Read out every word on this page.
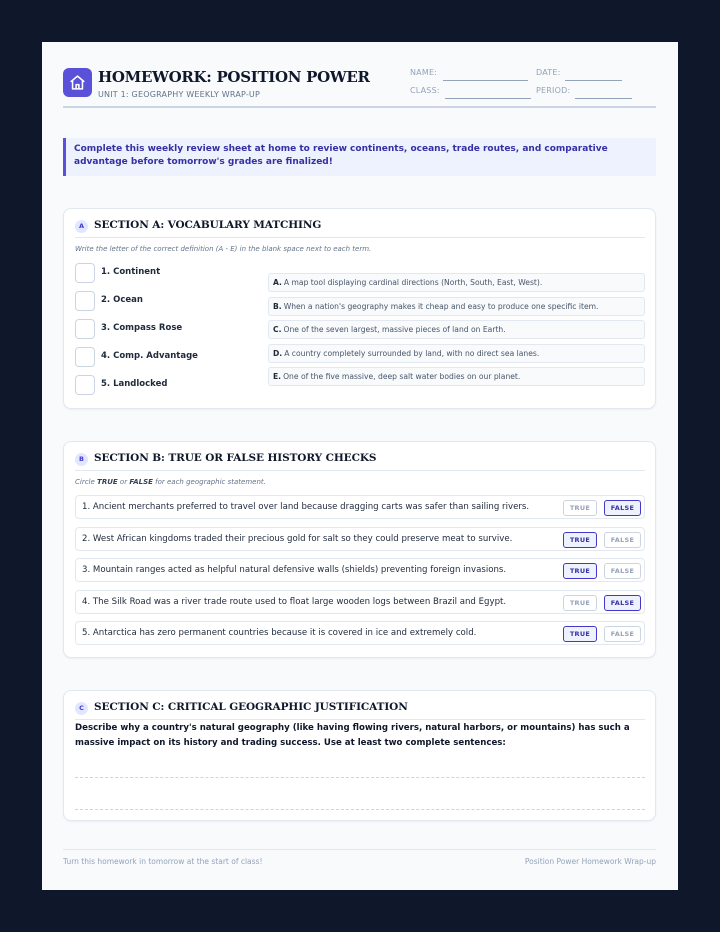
HOMEWORK: POSITION POWER
UNIT 1: GEOGRAPHY WEEKLY WRAP-UP
NAME:	DATE:
CLASS:	PERIOD:
Complete this weekly review sheet at home to review continents, oceans, trade routes, and comparative advantage before tomorrow's grades are finalized!
A SECTION A: VOCABULARY MATCHING
Write the letter of the correct definition (A - E) in the blank space next to each term.
1. Continent
2. Ocean
3. Compass Rose
4. Comp. Advantage
5. Landlocked
A. A map tool displaying cardinal directions (North, South, East, West).
B. When a nation's geography makes it cheap and easy to produce one specific item.
C. One of the seven largest, massive pieces of land on Earth.
D. A country completely surrounded by land, with no direct sea lanes.
E. One of the five massive, deep salt water bodies on our planet.
B SECTION B: TRUE OR FALSE HISTORY CHECKS
Circle TRUE or FALSE for each geographic statement.
1. Ancient merchants preferred to travel over land because dragging carts was safer than sailing rivers.	TRUE	FALSE
2. West African kingdoms traded their precious gold for salt so they could preserve meat to survive.	TRUE	FALSE
3. Mountain ranges acted as helpful natural defensive walls (shields) preventing foreign invasions.	TRUE	FALSE
4. The Silk Road was a river trade route used to float large wooden logs between Brazil and Egypt.	TRUE	FALSE
5. Antarctica has zero permanent countries because it is covered in ice and extremely cold.	TRUE	FALSE
C SECTION C: CRITICAL GEOGRAPHIC JUSTIFICATION
Describe why a country's natural geography (like having flowing rivers, natural harbors, or mountains) has such a massive impact on its history and trading success. Use at least two complete sentences:
Turn this homework in tomorrow at the start of class!	Position Power Homework Wrap-up
